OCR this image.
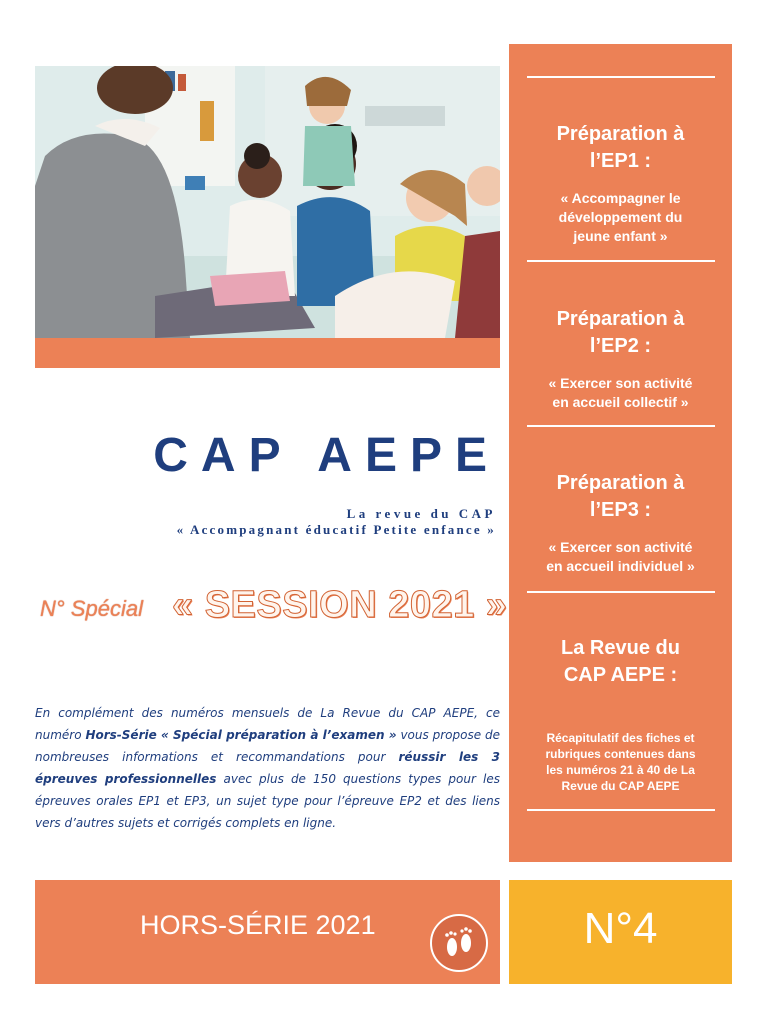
CAP AEPE
La revue du CAP
« Accompagnant éducatif Petite enfance »
N° Spécial « SESSION 2021 »
En complément des numéros mensuels de La Revue du CAP AEPE, ce numéro Hors-Série « Spécial préparation à l’examen » vous propose de nombreuses informations et recommandations pour réussir les 3 épreuves professionnelles avec plus de 150 questions types pour les épreuves orales EP1 et EP3, un sujet type pour l’épreuve EP2 et des liens vers d’autres sujets et corrigés complets en ligne.
Préparation à
l’EP1 :
« Accompagner le
développement du
jeune enfant »
Préparation à
l’EP2 :
« Exercer son activité
en accueil collectif »
Préparation à
l’EP3 :
« Exercer son activité
en accueil individuel »
La Revue du
CAP AEPE :
Récapitulatif des fiches et
rubriques contenues dans
les numéros 21 à 40 de La
Revue du CAP AEPE
HORS-SÉRIE 2021	N°4
